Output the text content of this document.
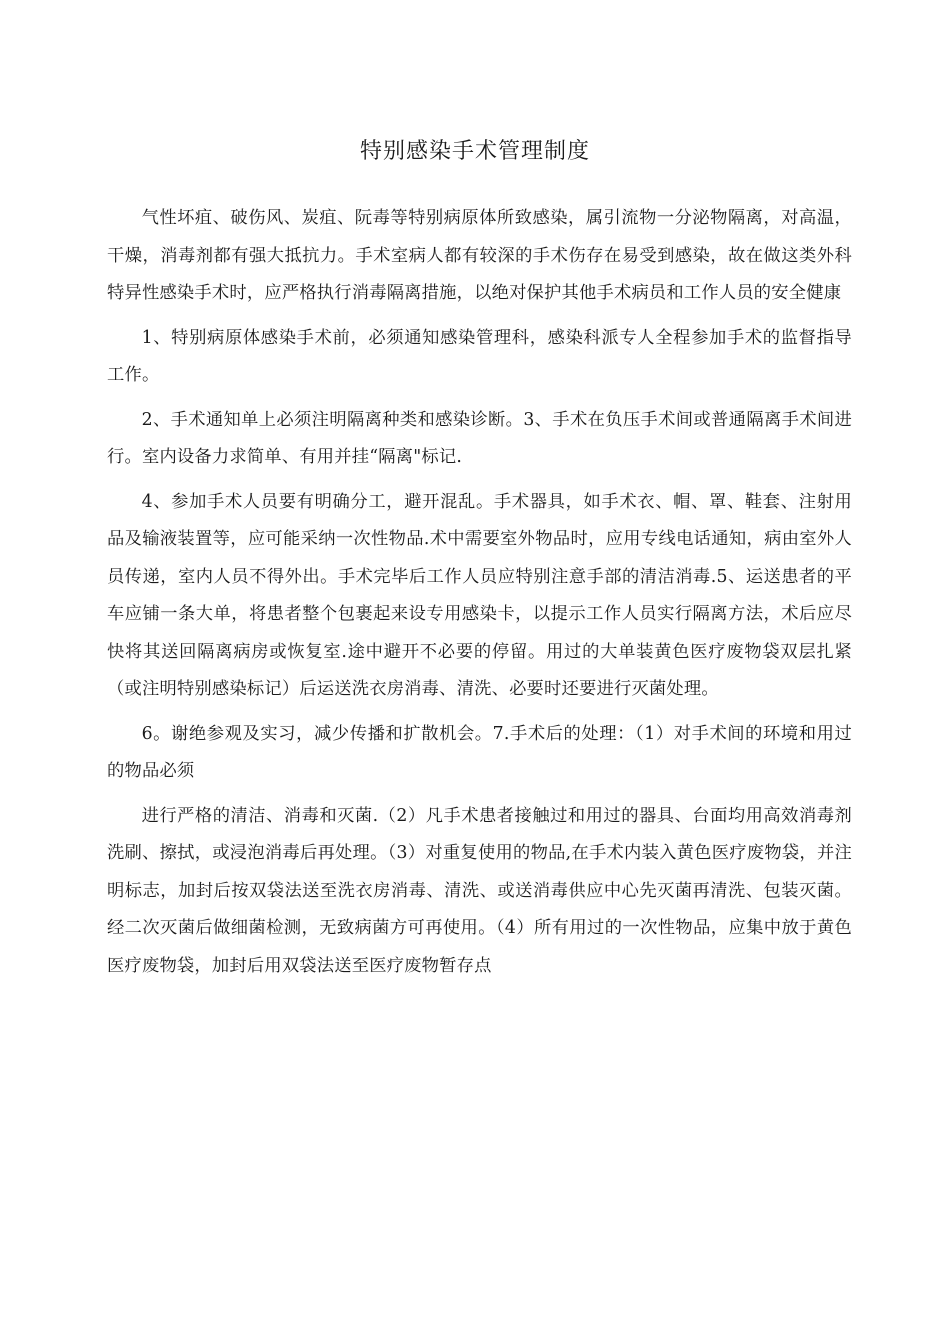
特别感染手术管理制度

气性坏疽、破伤风、炭疽、阮毒等特别病原体所致感染，属引流物一分泌物隔离，对高温，干燥，消毒剂都有强大抵抗力。手术室病人都有较深的手术伤存在易受到感染，故在做这类外科特异性感染手术时，应严格执行消毒隔离措施，以绝对保护其他手术病员和工作人员的安全健康

1、特别病原体感染手术前，必须通知感染管理科，感染科派专人全程参加手术的监督指导工作。

2、手术通知单上必须注明隔离种类和感染诊断。3、手术在负压手术间或普通隔离手术间进行。室内设备力求简单、有用并挂“隔离"标记.

4、参加手术人员要有明确分工，避开混乱。手术器具，如手术衣、帽、罩、鞋套、注射用品及输液装置等，应可能采纳一次性物品.术中需要室外物品时，应用专线电话通知，病由室外人员传递，室内人员不得外出。手术完毕后工作人员应特别注意手部的清洁消毒.5、运送患者的平车应铺一条大单，将患者整个包裹起来设专用感染卡，以提示工作人员实行隔离方法，术后应尽快将其送回隔离病房或恢复室.途中避开不必要的停留。用过的大单装黄色医疗废物袋双层扎紧（或注明特别感染标记）后运送洗衣房消毒、清洗、必要时还要进行灭菌处理。

6。谢绝参观及实习，减少传播和扩散机会。7.手术后的处理：（1）对手术间的环境和用过的物品必须

进行严格的清洁、消毒和灭菌.（2）凡手术患者接触过和用过的器具、台面均用高效消毒剂洗刷、擦拭，或浸泡消毒后再处理。（3）对重复使用的物品,在手术内装入黄色医疗废物袋，并注明标志，加封后按双袋法送至洗衣房消毒、清洗、或送消毒供应中心先灭菌再清洗、包装灭菌。经二次灭菌后做细菌检测，无致病菌方可再使用。（4）所有用过的一次性物品，应集中放于黄色医疗废物袋，加封后用双袋法送至医疗废物暂存点
